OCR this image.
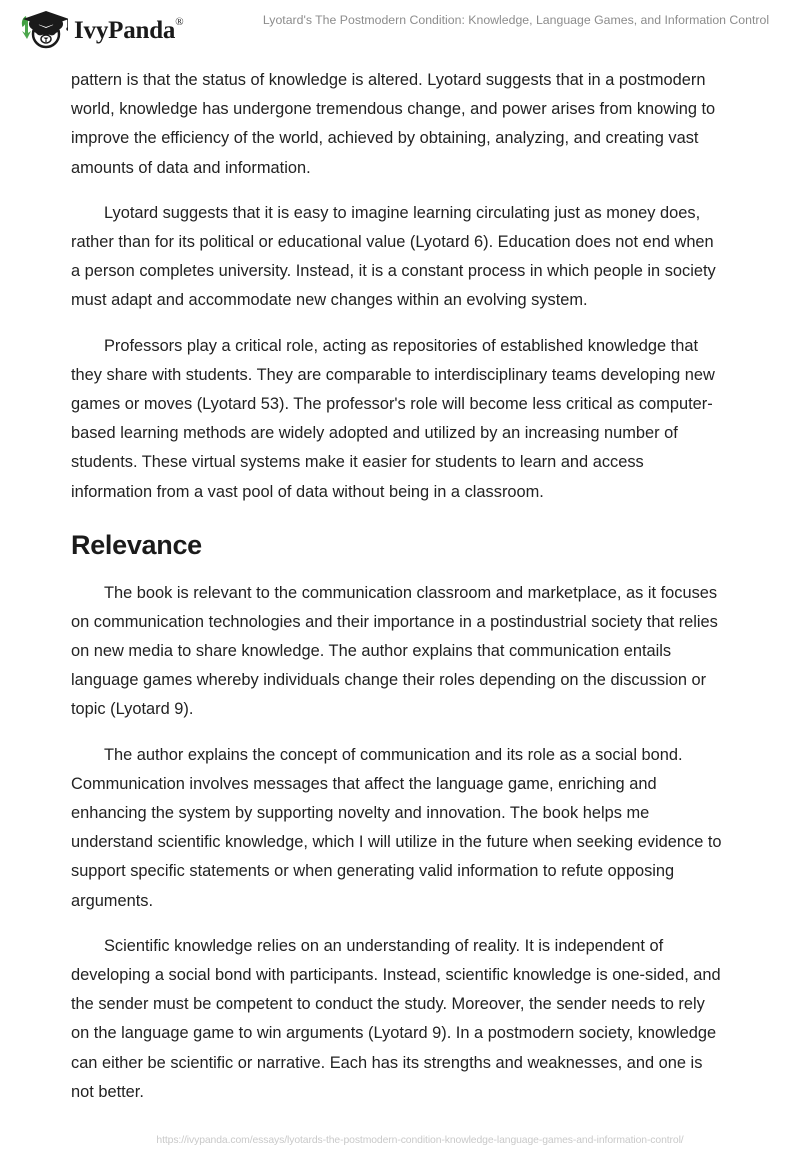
IvyPanda®	Lyotard's The Postmodern Condition: Knowledge, Language Games, and Information Control

pattern is that the status of knowledge is altered. Lyotard suggests that in a postmodern world, knowledge has undergone tremendous change, and power arises from knowing to improve the efficiency of the world, achieved by obtaining, analyzing, and creating vast amounts of data and information.

Lyotard suggests that it is easy to imagine learning circulating just as money does, rather than for its political or educational value (Lyotard 6). Education does not end when a person completes university. Instead, it is a constant process in which people in society must adapt and accommodate new changes within an evolving system.

Professors play a critical role, acting as repositories of established knowledge that they share with students. They are comparable to interdisciplinary teams developing new games or moves (Lyotard 53). The professor's role will become less critical as computer-based learning methods are widely adopted and utilized by an increasing number of students. These virtual systems make it easier for students to learn and access information from a vast pool of data without being in a classroom.

Relevance

The book is relevant to the communication classroom and marketplace, as it focuses on communication technologies and their importance in a postindustrial society that relies on new media to share knowledge. The author explains that communication entails language games whereby individuals change their roles depending on the discussion or topic (Lyotard 9).

The author explains the concept of communication and its role as a social bond. Communication involves messages that affect the language game, enriching and enhancing the system by supporting novelty and innovation. The book helps me understand scientific knowledge, which I will utilize in the future when seeking evidence to support specific statements or when generating valid information to refute opposing arguments.

Scientific knowledge relies on an understanding of reality. It is independent of developing a social bond with participants. Instead, scientific knowledge is one-sided, and the sender must be competent to conduct the study. Moreover, the sender needs to rely on the language game to win arguments (Lyotard 9). In a postmodern society, knowledge can either be scientific or narrative. Each has its strengths and weaknesses, and one is not better.

https://ivypanda.com/essays/lyotards-the-postmodern-condition-knowledge-language-games-and-information-control/
